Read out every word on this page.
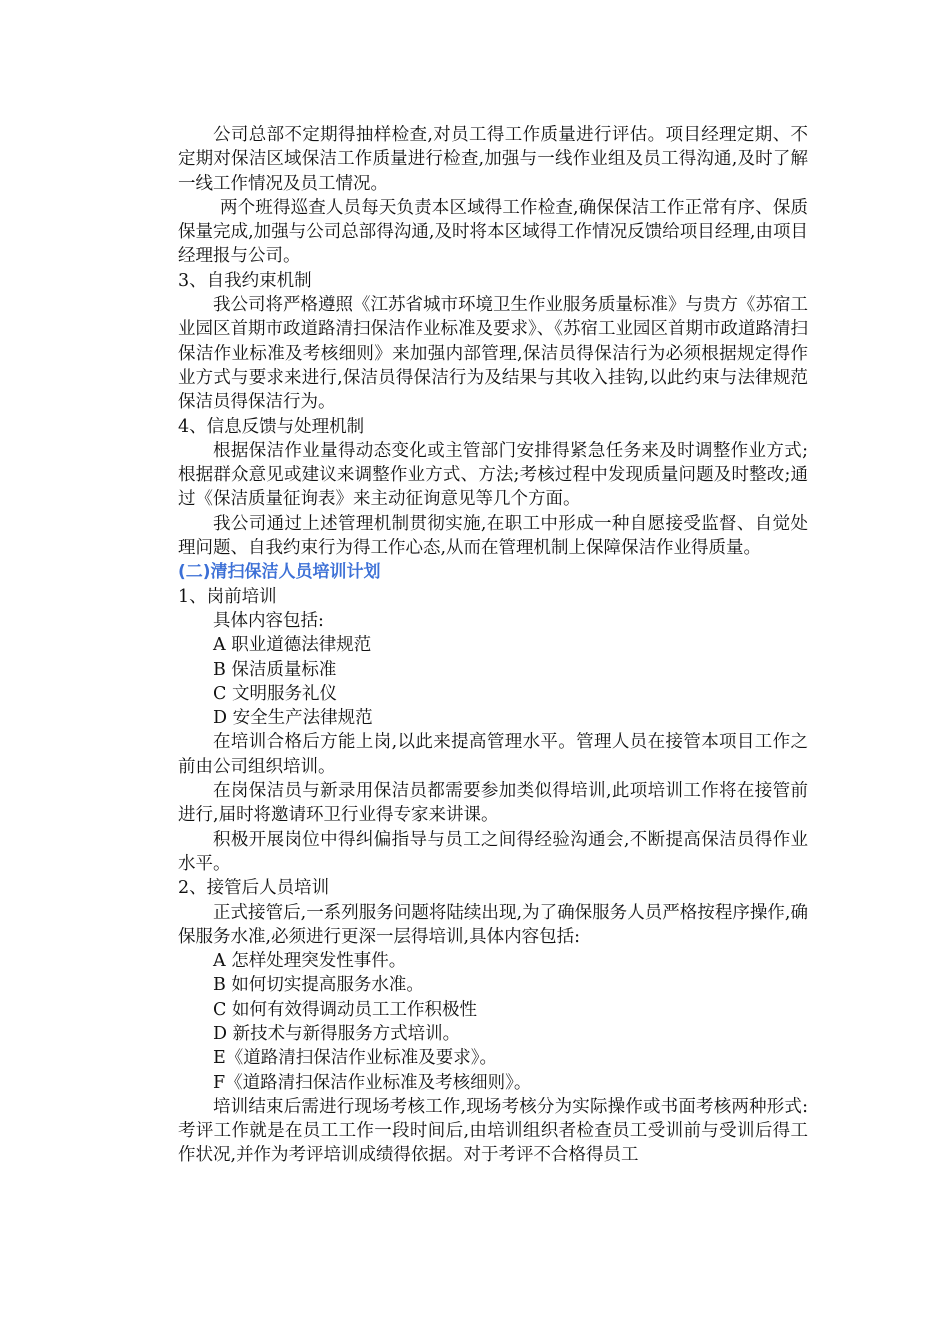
公司总部不定期得抽样检查,对员工得工作质量进行评估。项目经理定期、不定期对保洁区域保洁工作质量进行检查,加强与一线作业组及员工得沟通,及时了解一线工作情况及员工情况。

两个班得巡查人员每天负责本区域得工作检查,确保保洁工作正常有序、保质保量完成,加强与公司总部得沟通,及时将本区域得工作情况反馈给项目经理,由项目经理报与公司。

3、自我约束机制

我公司将严格遵照《江苏省城市环境卫生作业服务质量标准》与贵方《苏宿工业园区首期市政道路清扫保洁作业标准及要求》、《苏宿工业园区首期市政道路清扫保洁作业标准及考核细则》来加强内部管理,保洁员得保洁行为必须根据规定得作业方式与要求来进行,保洁员得保洁行为及结果与其收入挂钩,以此约束与法律规范保洁员得保洁行为。

4、信息反馈与处理机制

根据保洁作业量得动态变化或主管部门安排得紧急任务来及时调整作业方式;根据群众意见或建议来调整作业方式、方法;考核过程中发现质量问题及时整改;通过《保洁质量征询表》来主动征询意见等几个方面。

我公司通过上述管理机制贯彻实施,在职工中形成一种自愿接受监督、自觉处理问题、自我约束行为得工作心态,从而在管理机制上保障保洁作业得质量。

(二)清扫保洁人员培训计划

1、岗前培训

具体内容包括:

A 职业道德法律规范

B 保洁质量标准

C 文明服务礼仪

D 安全生产法律规范

在培训合格后方能上岗,以此来提高管理水平。管理人员在接管本项目工作之前由公司组织培训。

在岗保洁员与新录用保洁员都需要参加类似得培训,此项培训工作将在接管前进行,届时将邀请环卫行业得专家来讲课。

积极开展岗位中得纠偏指导与员工之间得经验沟通会,不断提高保洁员得作业水平。

2、接管后人员培训

正式接管后,一系列服务问题将陆续出现,为了确保服务人员严格按程序操作,确保服务水准,必须进行更深一层得培训,具体内容包括:

A 怎样处理突发性事件。

B 如何切实提高服务水准。

C 如何有效得调动员工工作积极性

D 新技术与新得服务方式培训。

E《道路清扫保洁作业标准及要求》。

F《道路清扫保洁作业标准及考核细则》。

培训结束后需进行现场考核工作,现场考核分为实际操作或书面考核两种形式:考评工作就是在员工工作一段时间后,由培训组织者检查员工受训前与受训后得工作状况,并作为考评培训成绩得依据。对于考评不合格得员工
